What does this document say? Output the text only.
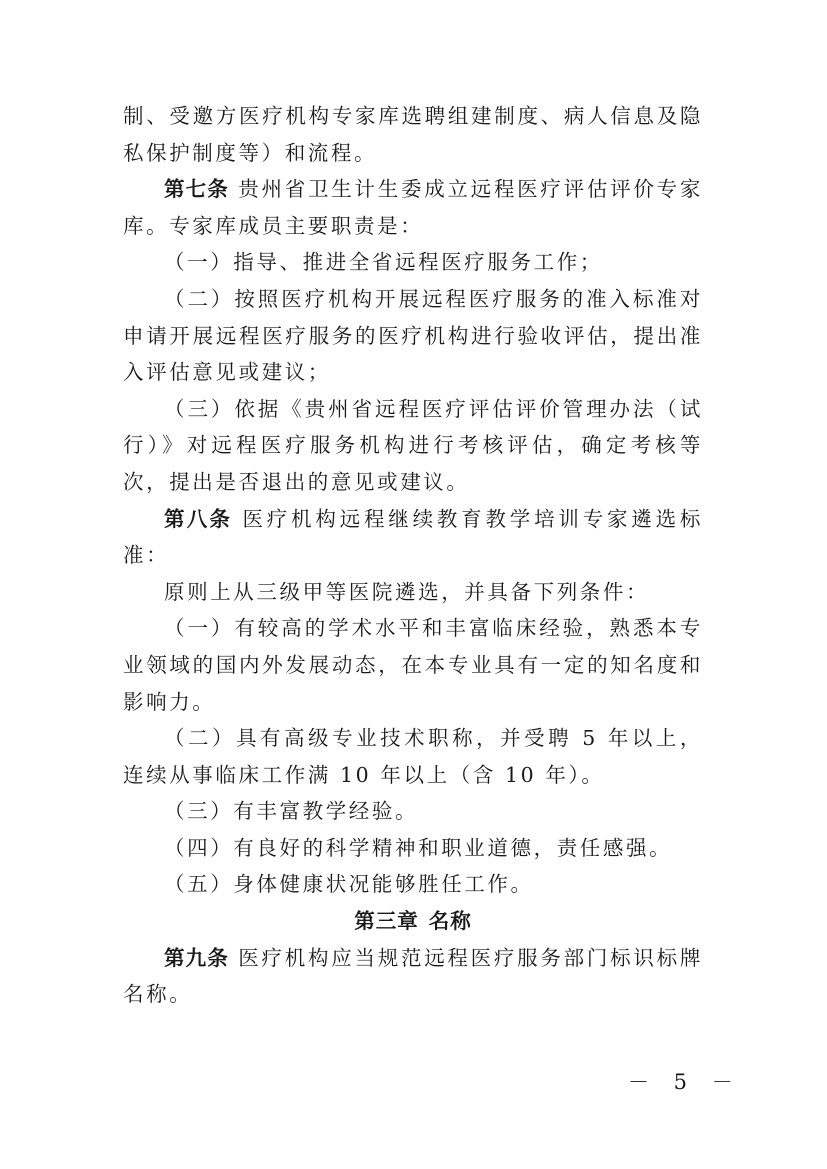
制、受邀方医疗机构专家库选聘组建制度、病人信息及隐私保护制度等）和流程。

第七条 贵州省卫生计生委成立远程医疗评估评价专家库。专家库成员主要职责是：

（一）指导、推进全省远程医疗服务工作；

（二）按照医疗机构开展远程医疗服务的准入标准对申请开展远程医疗服务的医疗机构进行验收评估，提出准入评估意见或建议；

（三）依据《贵州省远程医疗评估评价管理办法（试行）》对远程医疗服务机构进行考核评估，确定考核等次，提出是否退出的意见或建议。

第八条 医疗机构远程继续教育教学培训专家遴选标准：

原则上从三级甲等医院遴选，并具备下列条件：

（一）有较高的学术水平和丰富临床经验，熟悉本专业领域的国内外发展动态，在本专业具有一定的知名度和影响力。

（二）具有高级专业技术职称，并受聘 5 年以上，连续从事临床工作满 10 年以上（含 10 年）。

（三）有丰富教学经验。

（四）有良好的科学精神和职业道德，责任感强。

（五）身体健康状况能够胜任工作。

第三章 名称

第九条 医疗机构应当规范远程医疗服务部门标识标牌名称。

－ 5 －
